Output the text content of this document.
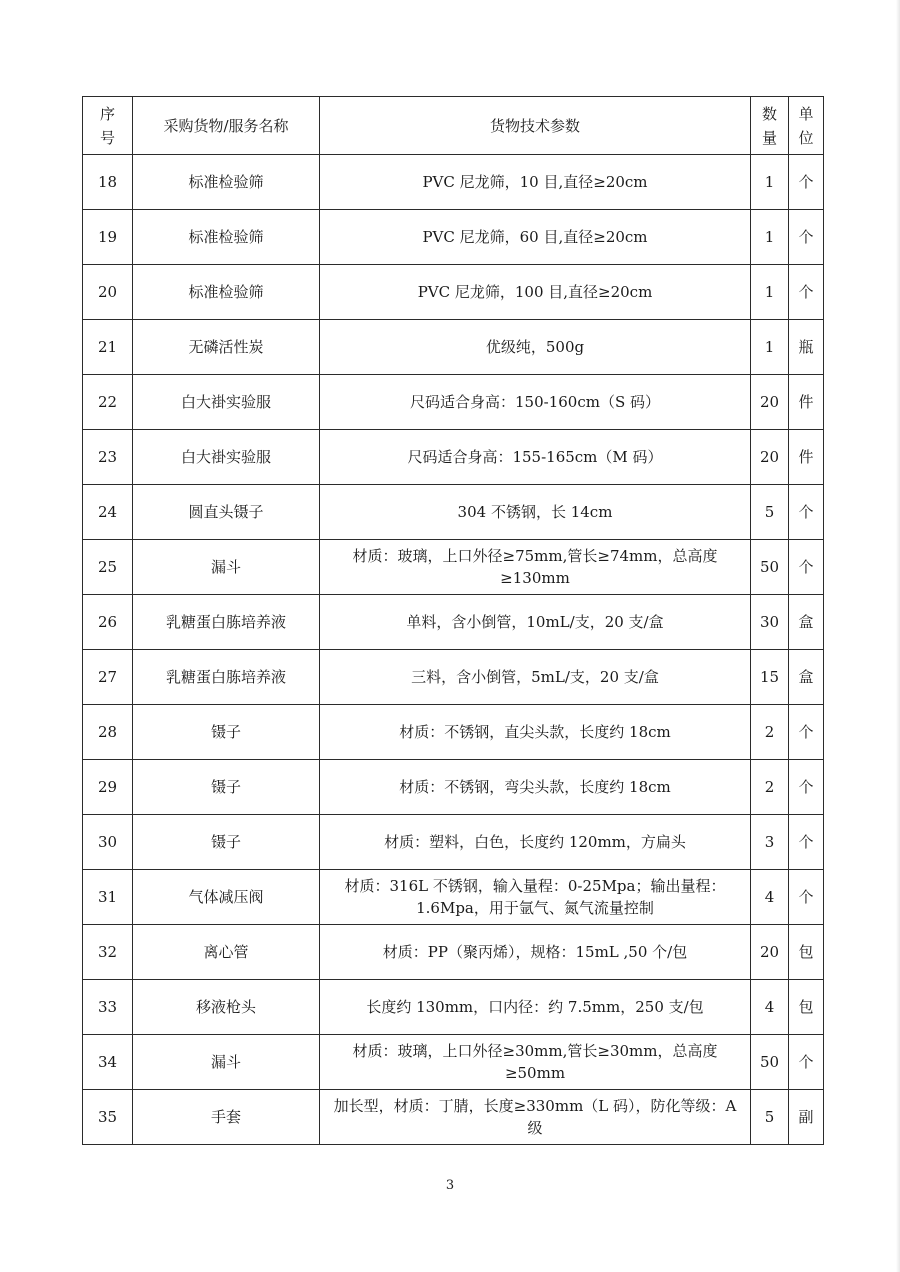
序号	采购货物/服务名称	货物技术参数	数量	单位
18	标准检验筛	PVC 尼龙筛，10 目,直径≥20cm	1	个
19	标准检验筛	PVC 尼龙筛，60 目,直径≥20cm	1	个
20	标准检验筛	PVC 尼龙筛，100 目,直径≥20cm	1	个
21	无磷活性炭	优级纯，500g	1	瓶
22	白大褂实验服	尺码适合身高：150-160cm（S 码）	20	件
23	白大褂实验服	尺码适合身高：155-165cm（M 码）	20	件
24	圆直头镊子	304 不锈钢，长 14cm	5	个
25	漏斗	材质：玻璃，上口外径≥75mm,管长≥74mm，总高度≥130mm	50	个
26	乳糖蛋白胨培养液	单料，含小倒管，10mL/支，20 支/盒	30	盒
27	乳糖蛋白胨培养液	三料，含小倒管，5mL/支，20 支/盒	15	盒
28	镊子	材质：不锈钢，直尖头款，长度约 18cm	2	个
29	镊子	材质：不锈钢，弯尖头款，长度约 18cm	2	个
30	镊子	材质：塑料，白色，长度约 120mm，方扁头	3	个
31	气体减压阀	材质：316L 不锈钢，输入量程：0-25Mpa；输出量程：1.6Mpa，用于氩气、氮气流量控制	4	个
32	离心管	材质：PP（聚丙烯），规格：15mL ,50 个/包	20	包
33	移液枪头	长度约 130mm，口内径：约 7.5mm，250 支/包	4	包
34	漏斗	材质：玻璃，上口外径≥30mm,管长≥30mm，总高度≥50mm	50	个
35	手套	加长型，材质：丁腈，长度≥330mm（L 码），防化等级：A 级	5	副
3
